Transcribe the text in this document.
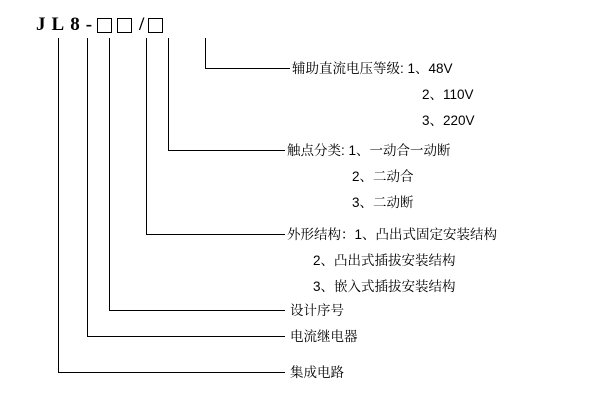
J L 8 - /
辅助直流电压等级: 1、48V
2、110V
3、220V
触点分类: 1、一动合一动断
2、二动合
3、二动断
外形结构：1、凸出式固定安装结构
2、凸出式插拔安装结构
3、嵌入式插拔安装结构
设计序号
电流继电器
集成电路
